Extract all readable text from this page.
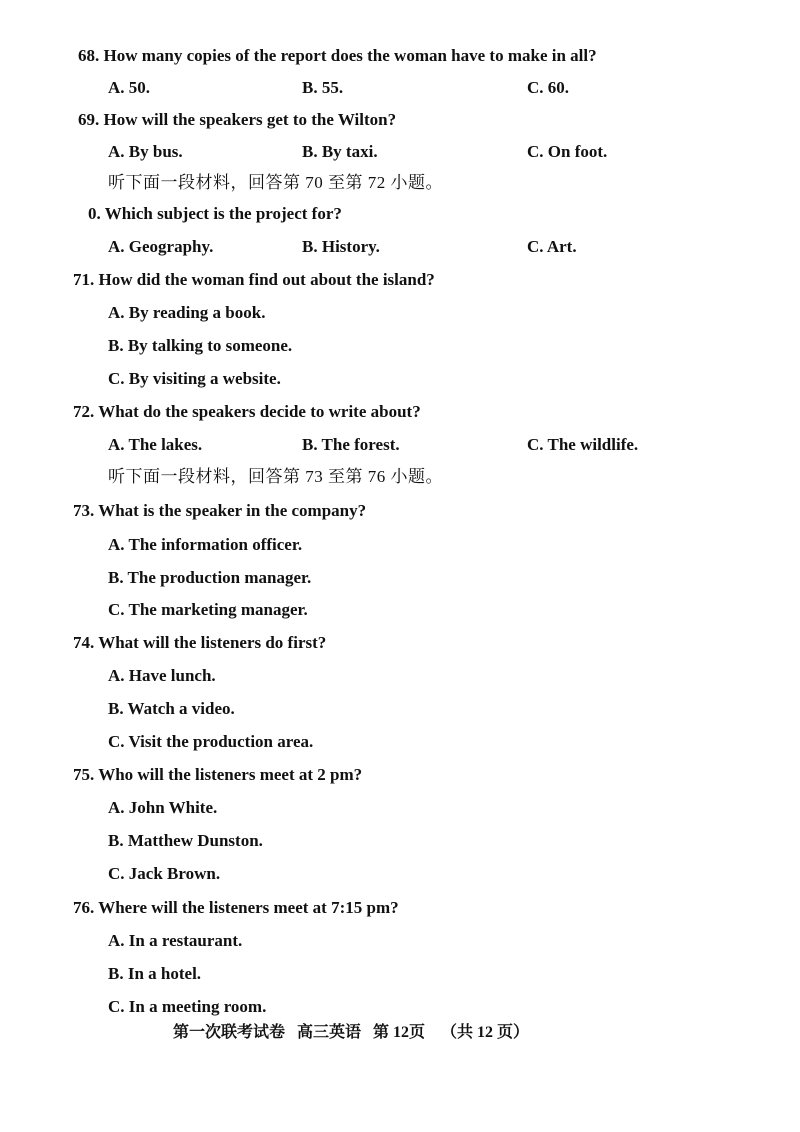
68. How many copies of the report does the woman have to make in all?
A. 50.	B. 55.	C. 60.
69. How will the speakers get to the Wilton?
A. By bus.	B. By taxi.	C. On foot.
听下面一段材料，回答第 70 至第 72 小题。
0. Which subject is the project for?
A. Geography.	B. History.	C. Art.
71. How did the woman find out about the island?
A. By reading a book.
B. By talking to someone.
C. By visiting a website.
72. What do the speakers decide to write about?
A. The lakes.	B. The forest.	C. The wildlife.
听下面一段材料，回答第 73 至第 76 小题。
73. What is the speaker in the company?
A. The information officer.
B. The production manager.
C. The marketing manager.
74. What will the listeners do first?
A. Have lunch.
B. Watch a video.
C. Visit the production area.
75. Who will the listeners meet at 2 pm?
A. John White.
B. Matthew Dunston.
C. Jack Brown.
76. Where will the listeners meet at 7:15 pm?
A. In a restaurant.
B. In a hotel.
C. In a meeting room.
第一次联考试卷 高三英语 第 12页 （共 12 页）
